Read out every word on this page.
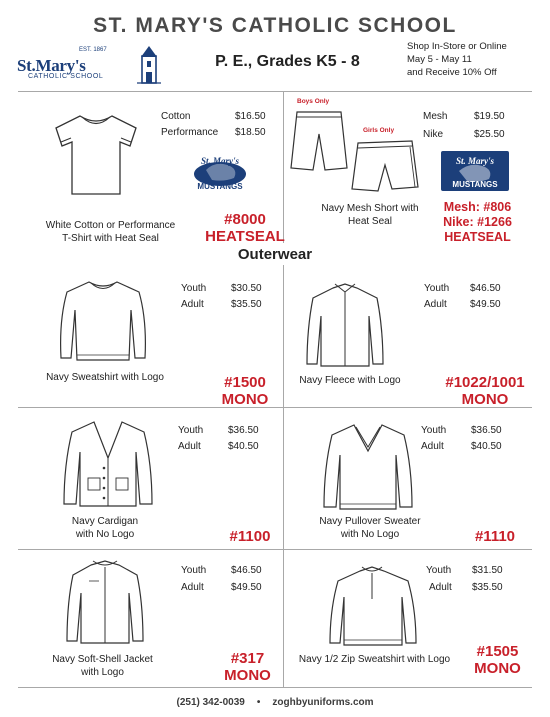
ST. MARY'S CATHOLIC SCHOOL
EST. 1867
St.Mary's
CATHOLIC SCHOOL
P. E., Grades K5 - 8
Shop In-Store or Online
May 5 - May 11
and Receive 10% Off
Cotton	$16.50
Performance $18.50
St. Mary's
MUSTANGS
White Cotton or Performance
T-Shirt with Heat Seal
#8000
HEATSEAL
Boys Only
Girls Only
Mesh	$19.50
Nike	$25.50
St. Mary's
MUSTANGS
Navy Mesh Short with
Heat Seal
Mesh: #806
Nike: #1266
HEATSEAL
Outerwear
Youth $30.50
Adult	$35.50
Navy Sweatshirt with Logo	#1500
MONO
Youth $46.50
Adult $49.50
Navy Fleece with Logo	#1022/1001
MONO
Youth $36.50
Adult	$40.50
Navy Cardigan
with No Logo	#1100
Youth $36.50
Adult	$40.50
Navy Pullover Sweater
with No Logo	#1110
Youth $46.50
Adult	$49.50
Navy Soft-Shell Jacket
with Logo
#317
MONO
Youth $31.50
Adult $35.50
Navy 1/2 Zip Sweatshirt with Logo	#1505
MONO
(251) 342-0039 • zoghbyuniforms.com
